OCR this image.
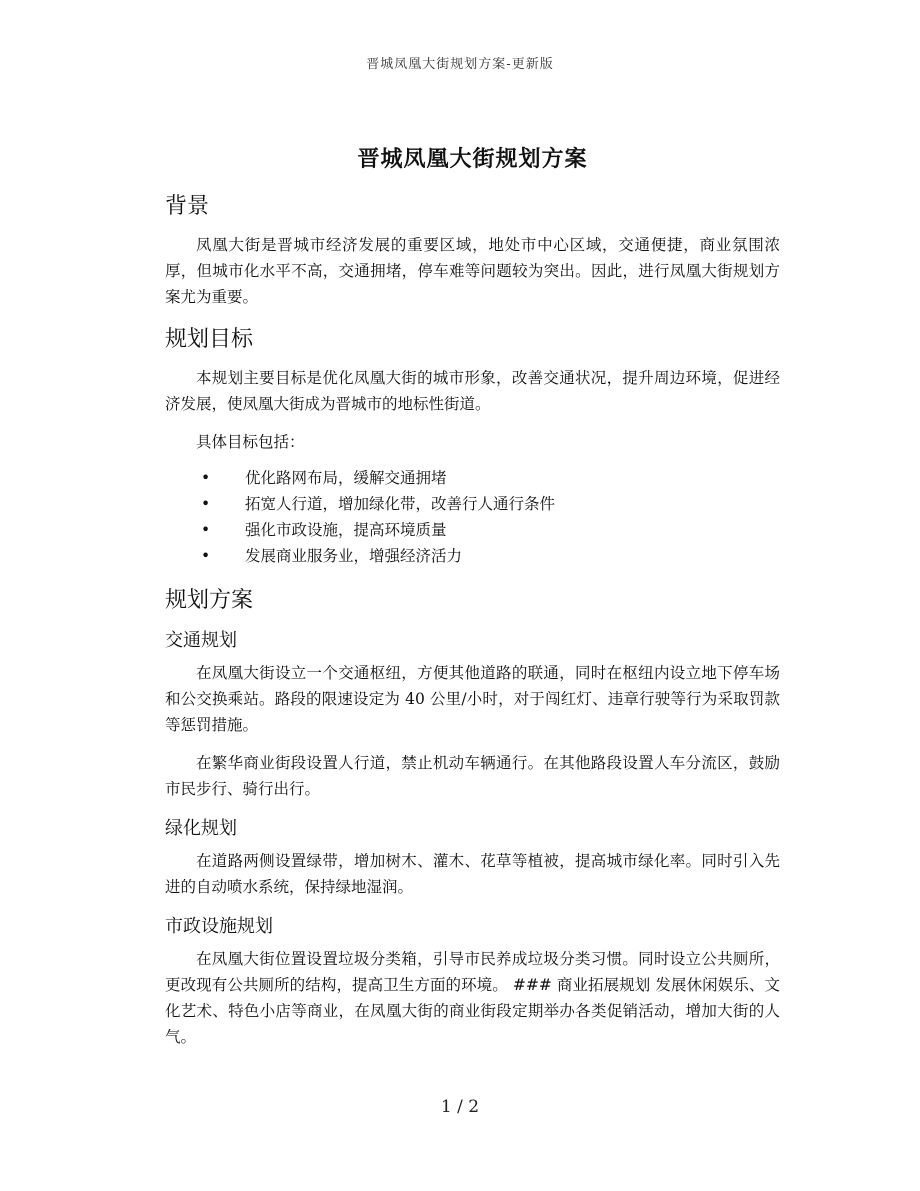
晋城凤凰大街规划方案-更新版
晋城凤凰大街规划方案
背景

凤凰大街是晋城市经济发展的重要区域，地处市中心区域，交通便捷，商业氛围浓厚，但城市化水平不高，交通拥堵，停车难等问题较为突出。因此，进行凤凰大街规划方案尤为重要。

规划目标

本规划主要目标是优化凤凰大街的城市形象，改善交通状况，提升周边环境，促进经济发展，使凤凰大街成为晋城市的地标性街道。

具体目标包括：

• 优化路网布局，缓解交通拥堵
• 拓宽人行道，增加绿化带，改善行人通行条件
• 强化市政设施，提高环境质量
• 发展商业服务业，增强经济活力
规划方案
交通规划

在凤凰大街设立一个交通枢纽，方便其他道路的联通，同时在枢纽内设立地下停车场和公交换乘站。路段的限速设定为 40 公里/小时，对于闯红灯、违章行驶等行为采取罚款等惩罚措施。

在繁华商业街段设置人行道，禁止机动车辆通行。在其他路段设置人车分流区，鼓励市民步行、骑行出行。

绿化规划

在道路两侧设置绿带，增加树木、灌木、花草等植被，提高城市绿化率。同时引入先进的自动喷水系统，保持绿地湿润。

市政设施规划

在凤凰大街位置设置垃圾分类箱，引导市民养成垃圾分类习惯。同时设立公共厕所，更改现有公共厕所的结构，提高卫生方面的环境。 ### 商业拓展规划 发展休闲娱乐、文化艺术、特色小店等商业，在凤凰大街的商业街段定期举办各类促销活动，增加大街的人气。

1 / 2
